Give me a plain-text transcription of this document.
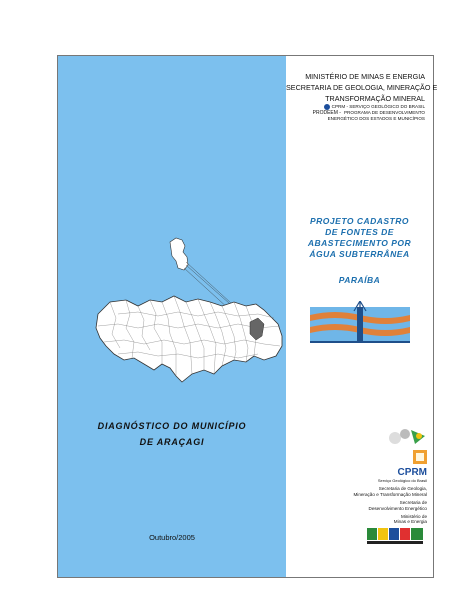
DIAGNÓSTICO DO MUNICÍPIO
DE ARAÇAGI
Outubro/2005
MINISTÉRIO DE MINAS E ENERGIA
SECRETARIA DE GEOLOGIA, MINERAÇÃO E
TRANSFORMAÇÃO MINERAL
CPRM - SERVIÇO GEOLÓGICO DO BRASIL
PRODEEM - PROGRAMA DE DESENVOLVIMENTO
ENERGÉTICO DOS ESTADOS E MUNICÍPIOS
PROJETO CADASTRO
DE FONTES DE
ABASTECIMENTO POR
ÁGUA SUBTERRÂNEA
PARAÍBA
CPRM
Serviço Geológico do Brasil
Secretaria de Geologia,
Mineração e Transformação Mineral
Secretaria de
Desenvolvimento Energético
Ministério de
Minas e Energia
